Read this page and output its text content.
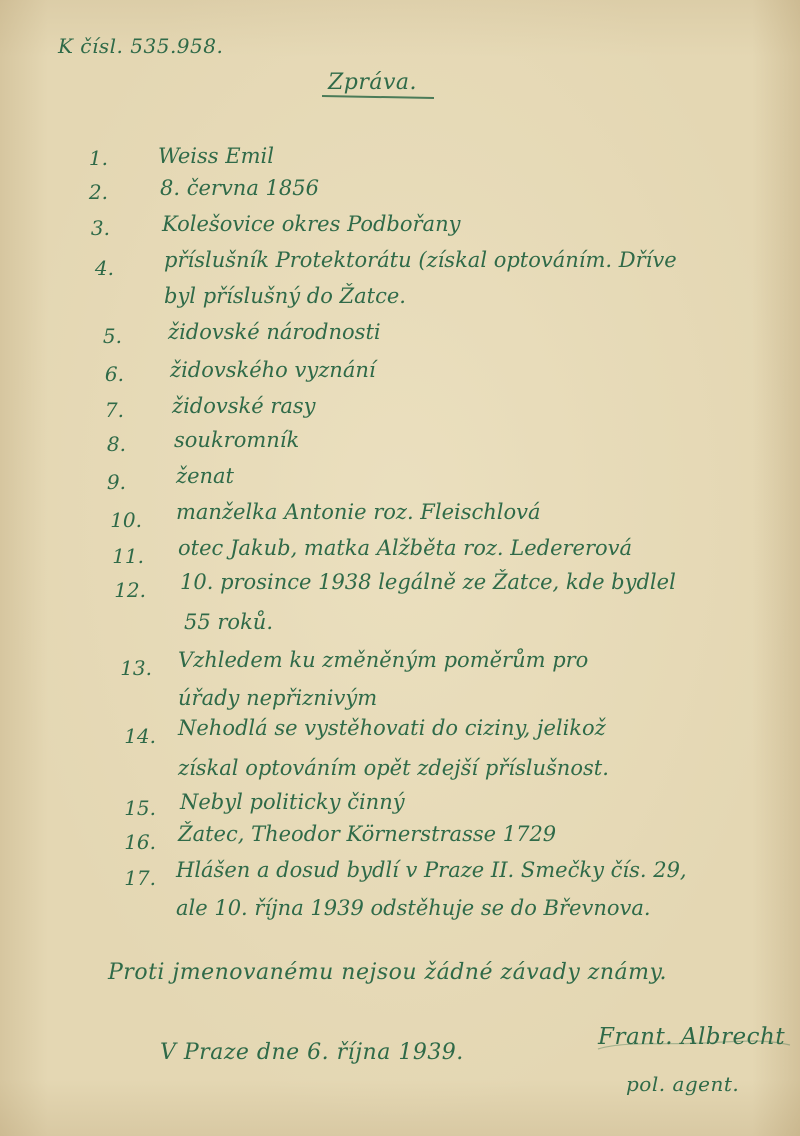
K čísl. 535.958.
Zpráva.
1. Weiss Emil
2. 8. června 1856
3. Kolešovice okres Podbořany
4. příslušník Protektorátu (získal optováním. Dříve
byl příslušný do Žatce.
5. židovské národnosti
6. židovského vyznání
7. židovské rasy
8. soukromník
9. ženat
10. manželka Antonie roz. Fleischlová
11. otec Jakub, matka Alžběta roz. Ledererová
12. 10. prosince 1938 legálně ze Žatce, kde bydlel
55 roků.
13. Vzhledem ku změněným poměrům pro
úřady nepřiznivým
14. Nehodlá se vystěhovati do ciziny, jelikož
získal optováním opět zdejší příslušnost.
15. Nebyl politicky činný
16. Žatec, Theodor Körnerstrasse 1729
17. Hlášen a dosud bydlí v Praze II. Smečky čís. 29,
ale 10. října 1939 odstěhuje se do Břevnova.
Proti jmenovanému nejsou žádné závady známy.
V Praze dne 6. října 1939.
Frant. Albrecht
pol. agent.
